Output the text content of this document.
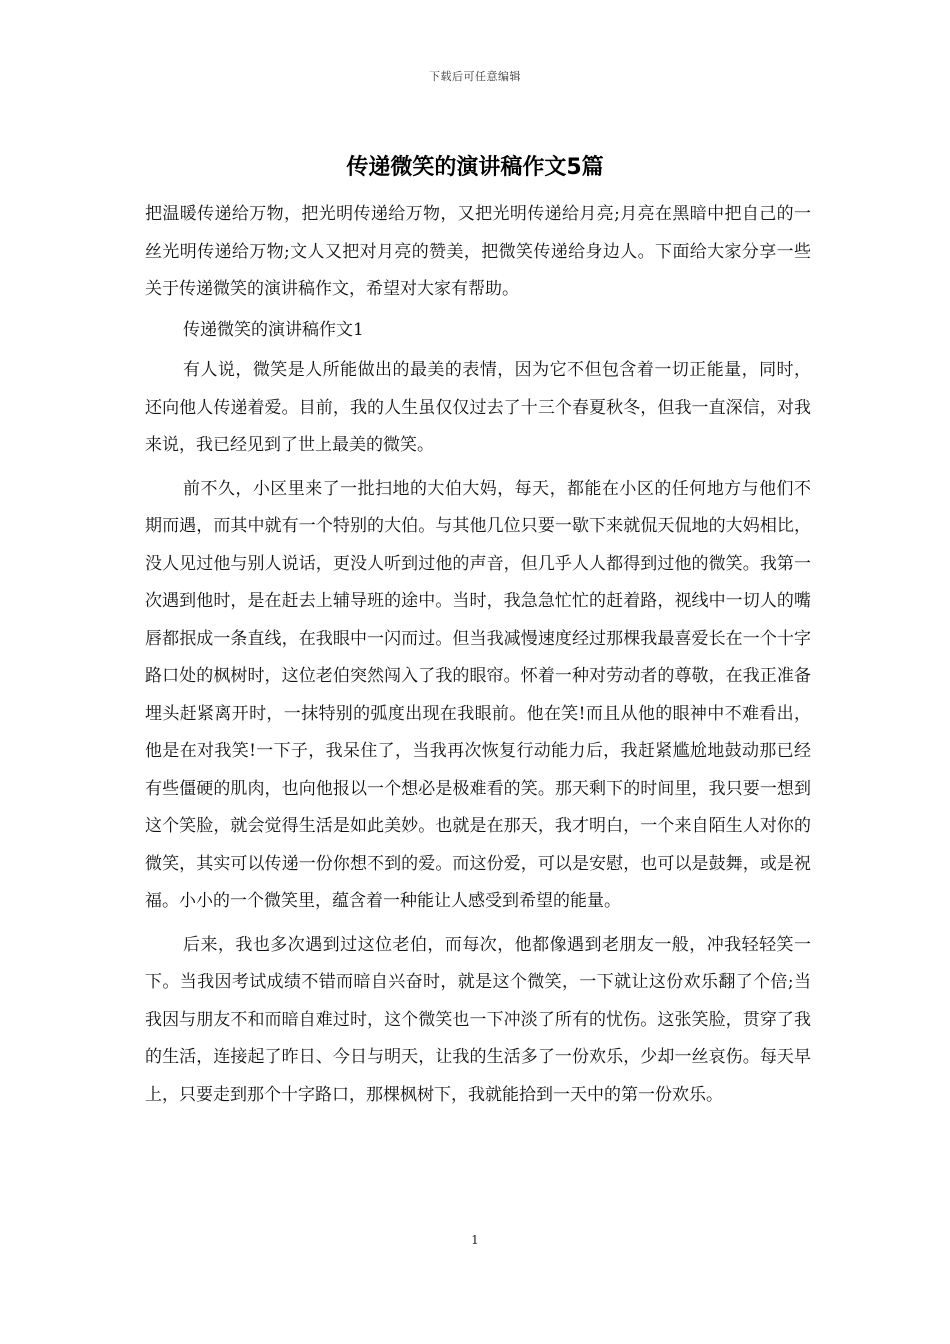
下载后可任意编辑
传递微笑的演讲稿作文5篇

把温暖传递给万物，把光明传递给万物，又把光明传递给月亮;月亮在黑暗中把自己的一丝光明传递给万物;文人又把对月亮的赞美，把微笑传递给身边人。下面给大家分享一些关于传递微笑的演讲稿作文，希望对大家有帮助。

传递微笑的演讲稿作文1

有人说，微笑是人所能做出的最美的表情，因为它不但包含着一切正能量，同时，还向他人传递着爱。目前，我的人生虽仅仅过去了十三个春夏秋冬，但我一直深信，对我来说，我已经见到了世上最美的微笑。

前不久，小区里来了一批扫地的大伯大妈，每天，都能在小区的任何地方与他们不期而遇，而其中就有一个特别的大伯。与其他几位只要一歇下来就侃天侃地的大妈相比，没人见过他与别人说话，更没人听到过他的声音，但几乎人人都得到过他的微笑。我第一次遇到他时，是在赶去上辅导班的途中。当时，我急急忙忙的赶着路，视线中一切人的嘴唇都抿成一条直线，在我眼中一闪而过。但当我减慢速度经过那棵我最喜爱长在一个十字路口处的枫树时，这位老伯突然闯入了我的眼帘。怀着一种对劳动者的尊敬，在我正准备埋头赶紧离开时，一抹特别的弧度出现在我眼前。他在笑!而且从他的眼神中不难看出，他是在对我笑!一下子，我呆住了，当我再次恢复行动能力后，我赶紧尴尬地鼓动那已经有些僵硬的肌肉，也向他报以一个想必是极难看的笑。那天剩下的时间里，我只要一想到这个笑脸，就会觉得生活是如此美妙。也就是在那天，我才明白，一个来自陌生人对你的微笑，其实可以传递一份你想不到的爱。而这份爱，可以是安慰，也可以是鼓舞，或是祝福。小小的一个微笑里，蕴含着一种能让人感受到希望的能量。

后来，我也多次遇到过这位老伯，而每次，他都像遇到老朋友一般，冲我轻轻笑一下。当我因考试成绩不错而暗自兴奋时，就是这个微笑，一下就让这份欢乐翻了个倍;当我因与朋友不和而暗自难过时，这个微笑也一下冲淡了所有的忧伤。这张笑脸，贯穿了我的生活，连接起了昨日、今日与明天，让我的生活多了一份欢乐，少却一丝哀伤。每天早上，只要走到那个十字路口，那棵枫树下，我就能拾到一天中的第一份欢乐。

1
